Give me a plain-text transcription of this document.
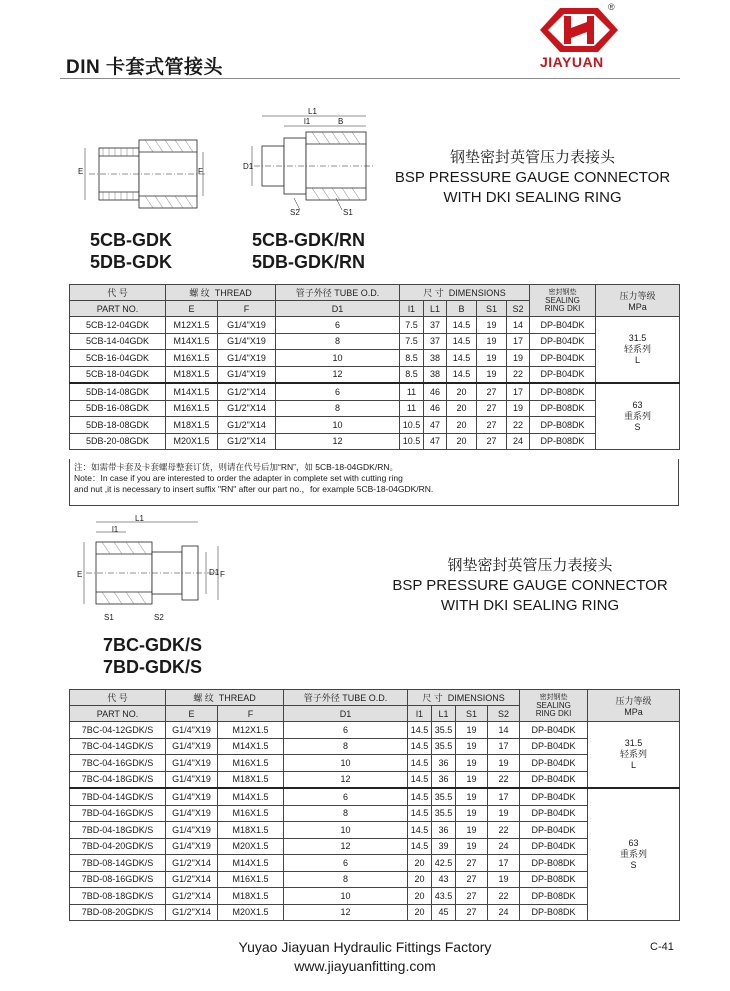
DIN 卡套式管接头
®
JIAYUAN
E	F
L1
l1	B
D1
S2	S1
钢垫密封英管压力表接头
BSP PRESSURE GAUGE CONNECTOR
WITH DKI SEALING RING
5CB-GDK
5DB-GDK
5CB-GDK/RN
5DB-GDK/RN
代 号	螺 纹 THREAD		管子外径 TUBE O.D.	尺 寸 DIMENSIONS					密封钢垫
SEALING
RING DKI	压力等级
MPa

PART NO.	E	F	D1	l1	L1	B	S1	S2		
5CB-12-04GDK	M12X1.5	G1/4"X19	6	7.5	37	14.5	19	14	DP-B04DK	31.5
轻系列
L

5CB-14-04GDK	M14X1.5	G1/4"X19	8	7.5	37	14.5	19	17	DP-B04DK	
5CB-16-04GDK	M16X1.5	G1/4"X19	10	8.5	38	14.5	19	19	DP-B04DK	
5CB-18-04GDK	M18X1.5	G1/4"X19	12	8.5	38	14.5	19	22	DP-B04DK	
5DB-14-08GDK	M14X1.5	G1/2"X14	6	11	46	20	27	17	DP-B08DK	63
重系列
S

5DB-16-08GDK	M16X1.5	G1/2"X14	8	11	46	20	27	19	DP-B08DK	
5DB-18-08GDK	M18X1.5	G1/2"X14	10	10.5	47	20	27	22	DP-B08DK	
5DB-20-08GDK	M20X1.5	G1/2"X14	12	10.5	47	20	27	24	DP-B08DK	
注：如需带卡套及卡套螺母整套订货，则请在代号后加“RN”，如 5CB-18-04GDK/RN。
Note：In case if you are interested to order the adapter in complete set with cutting ring
and nut ,it is necessary to insert suffix "RN" after our part no.，for example 5CB-18-04GDK/RN.
L1
l1
E	D1 F
S1	S2
钢垫密封英管压力表接头
BSP PRESSURE GAUGE CONNECTOR
WITH DKI SEALING RING
7BC-GDK/S
7BD-GDK/S
代 号	螺 纹 THREAD		管子外径 TUBE O.D.	尺 寸 DIMENSIONS				密封钢垫
SEALING
RING DKI	压力等级
MPa

PART NO.	E	F	D1	l1	L1	S1	S2		
7BC-04-12GDK/S	G1/4"X19	M12X1.5	6	14.5	35.5	19	14	DP-B04DK	31.5
轻系列
L

7BC-04-14GDK/S	G1/4"X19	M14X1.5	8	14.5	35.5	19	17	DP-B04DK	
7BC-04-16GDK/S	G1/4"X19	M16X1.5	10	14.5	36	19	19	DP-B04DK	
7BC-04-18GDK/S	G1/4"X19	M18X1.5	12	14.5	36	19	22	DP-B04DK	
7BD-04-14GDK/S	G1/4"X19	M14X1.5	6	14.5	35.5	19	17	DP-B04DK	63
重系列
S

7BD-04-16GDK/S	G1/4"X19	M16X1.5	8	14.5	35.5	19	19	DP-B04DK	
7BD-04-18GDK/S	G1/4"X19	M18X1.5	10	14.5	36	19	22	DP-B04DK	
7BD-04-20GDK/S	G1/4"X19	M20X1.5	12	14.5	39	19	24	DP-B04DK	
7BD-08-14GDK/S	G1/2"X14	M14X1.5	6	20	42.5	27	17	DP-B08DK	
7BD-08-16GDK/S	G1/2"X14	M16X1.5	8	20	43	27	19	DP-B08DK	
7BD-08-18GDK/S	G1/2"X14	M18X1.5	10	20	43.5	27	22	DP-B08DK	
7BD-08-20GDK/S	G1/2"X14	M20X1.5	12	20	45	27	24	DP-B08DK	
Yuyao Jiayuan Hydraulic Fittings Factory
www.jiayuanfitting.com
C-41
